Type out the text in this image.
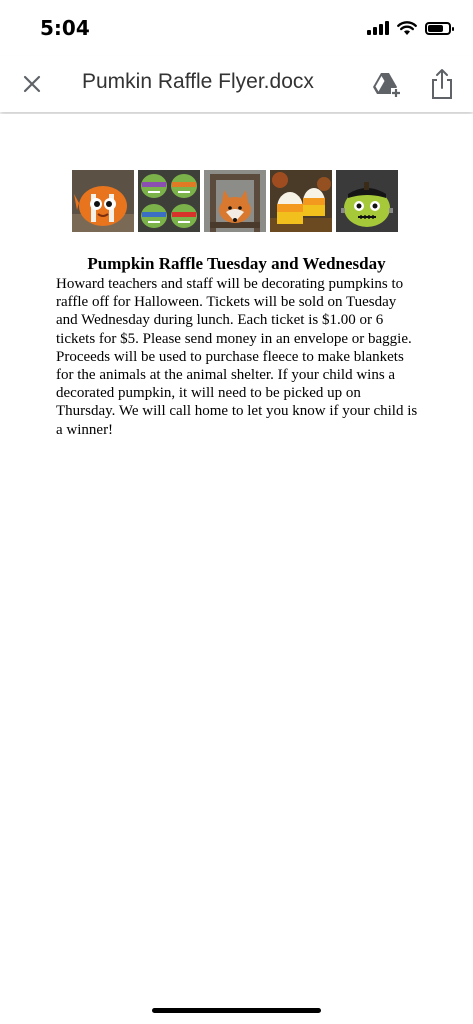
5:04
Pumkin Raffle Flyer.docx
Pumpkin Raffle Tuesday and Wednesday

Howard teachers and staff will be decorating pumpkins to raffle off for Halloween. Tickets will be sold on Tuesday and Wednesday during lunch. Each ticket is $1.00 or 6 tickets for $5. Please send money in an envelope or baggie. Proceeds will be used to purchase fleece to make blankets for the animals at the animal shelter. If your child wins a decorated pumpkin, it will need to be picked up on Thursday. We will call home to let you know if your child is a winner!
